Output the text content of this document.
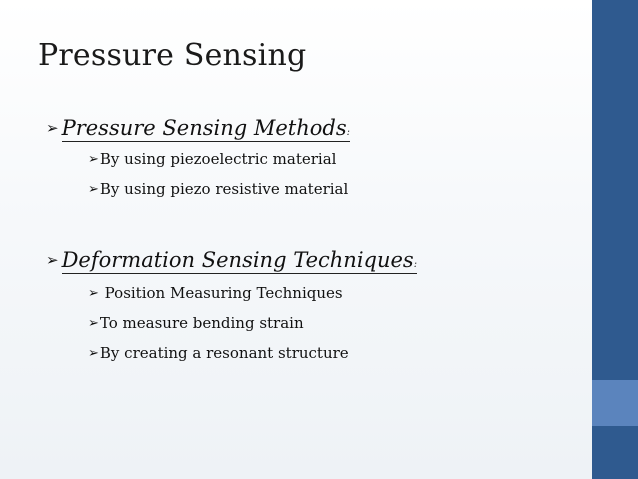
Pressure Sensing
➢ Pressure Sensing Methods:
➢By using piezoelectric material
➢By using piezo resistive material
➢ Deformation Sensing Techniques:
➢ Position Measuring Techniques
➢To measure bending strain
➢By creating a resonant structure
